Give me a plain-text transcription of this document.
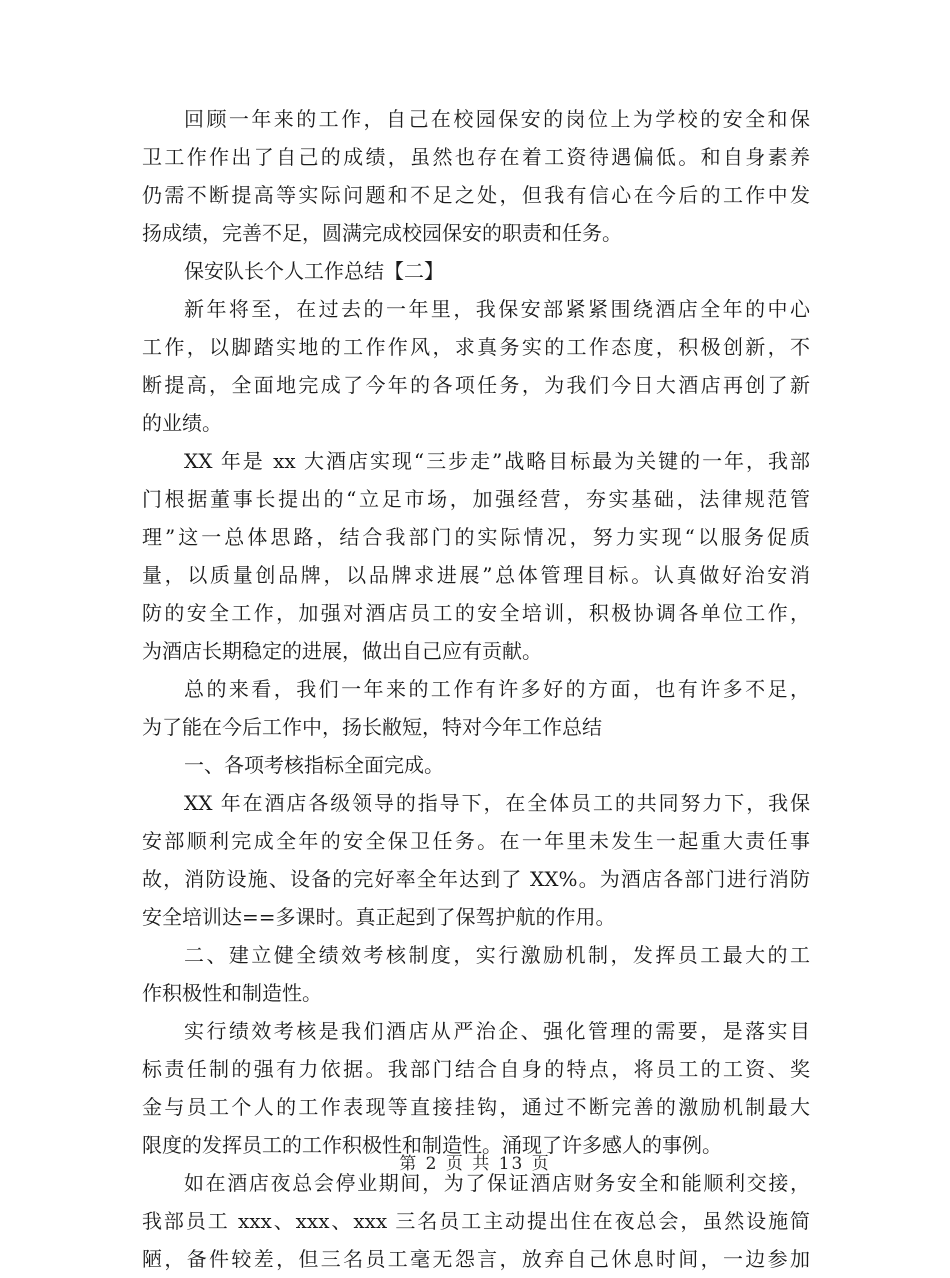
回顾一年来的工作，自己在校园保安的岗位上为学校的安全和保
卫工作作出了自己的成绩，虽然也存在着工资待遇偏低。和自身素养
仍需不断提高等实际问题和不足之处，但我有信心在今后的工作中发
扬成绩，完善不足，圆满完成校园保安的职责和任务。
保安队长个人工作总结【二】
新年将至，在过去的一年里，我保安部紧紧围绕酒店全年的中心
工作，以脚踏实地的工作作风，求真务实的工作态度，积极创新，不
断提高，全面地完成了今年的各项任务，为我们今日大酒店再创了新
的业绩。
XX 年是 xx 大酒店实现“三步走”战略目标最为关键的一年，我部
门根据董事长提出的“立足市场，加强经营，夯实基础，法律规范管
理”这一总体思路，结合我部门的实际情况，努力实现“以服务促质
量，以质量创品牌，以品牌求进展”总体管理目标。认真做好治安消
防的安全工作，加强对酒店员工的安全培训，积极协调各单位工作，
为酒店长期稳定的进展，做出自己应有贡献。
总的来看，我们一年来的工作有许多好的方面，也有许多不足，
为了能在今后工作中，扬长敝短，特对今年工作总结
一、各项考核指标全面完成。
XX 年在酒店各级领导的指导下，在全体员工的共同努力下，我保
安部顺利完成全年的安全保卫任务。在一年里未发生一起重大责任事
故，消防设施、设备的完好率全年达到了 XX%。为酒店各部门进行消防
安全培训达==多课时。真正起到了保驾护航的作用。
二、建立健全绩效考核制度，实行激励机制，发挥员工最大的工
作积极性和制造性。
实行绩效考核是我们酒店从严治企、强化管理的需要，是落实目
标责任制的强有力依据。我部门结合自身的特点，将员工的工资、奖
金与员工个人的工作表现等直接挂钩，通过不断完善的激励机制最大
限度的发挥员工的工作积极性和制造性。涌现了许多感人的事例。
如在酒店夜总会停业期间，为了保证酒店财务安全和能顺利交接，
我部员工 xxx、xxx、xxx 三名员工主动提出住在夜总会，虽然设施简
陋，备件较差，但三名员工毫无怨言，放弃自己休息时间，一边参加
第 2 页 共 13 页
